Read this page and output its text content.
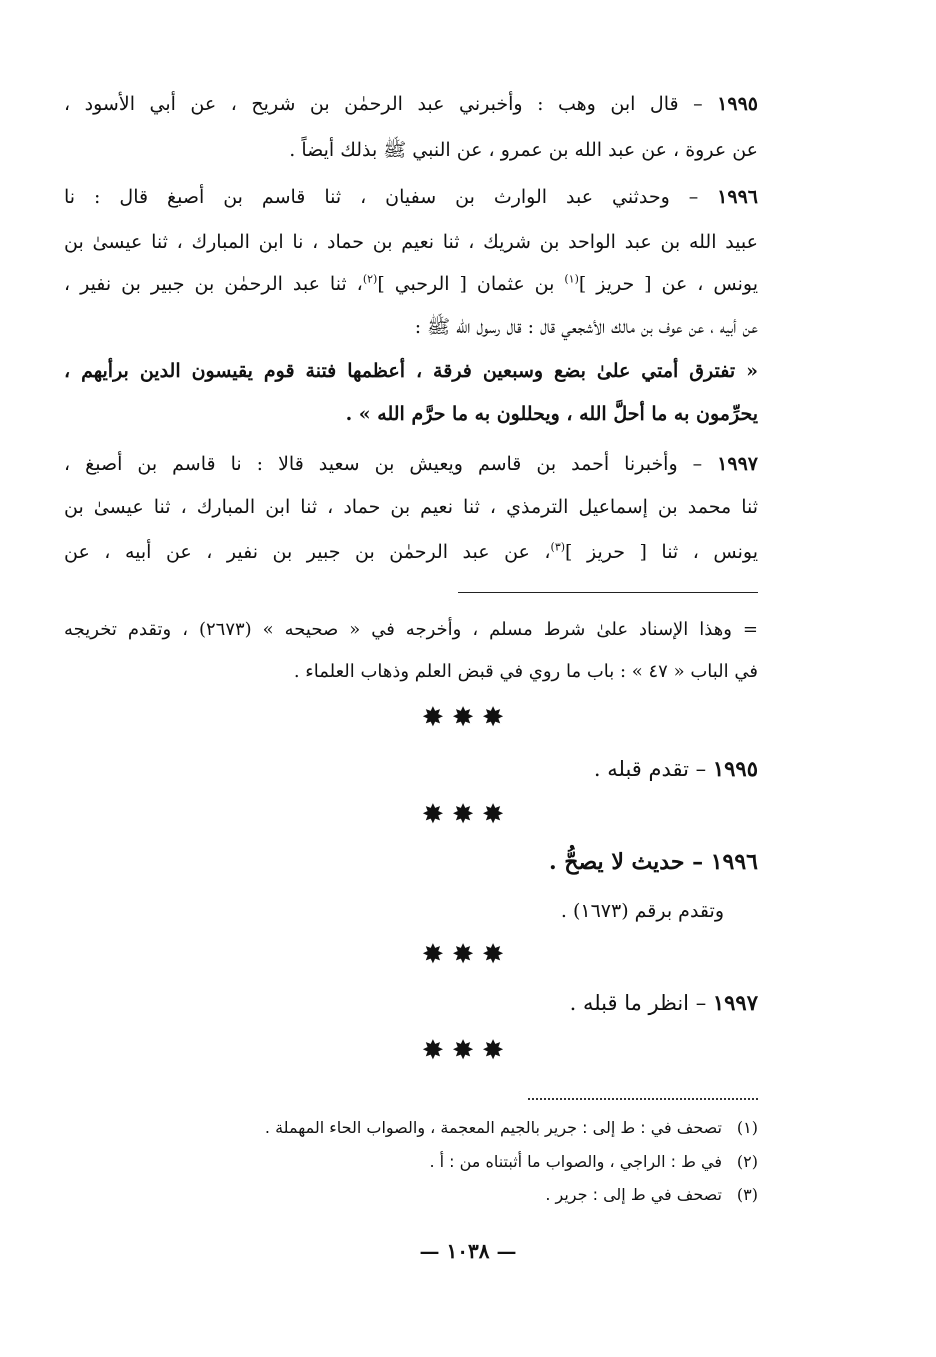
١٩٩٥ – قال ابن وهب : وأخبرني عبد الرحمٰن بن شريح ، عن أبي الأسود ،
عن عروة ، عن عبد الله بن عمرو ، عن النبي ﷺ بذلك أيضاً .
١٩٩٦ – وحدثني عبد الوارث بن سفيان ، ثنا قاسم بن أصبغ قال : نا
عبيد الله بن عبد الواحد بن شريك ، ثنا نعيم بن حماد ، نا ابن المبارك ، ثنا عيسىٰ بن
يونس ، عن [ حريز ]$^{(١)}$ بن عثمان [ الرحبي ]$^{(٢)}$، ثنا عبد الرحمٰن بن جبير بن نفير ،
عن أبيه ، عن عوف بن مالك الأشجعي قال : قال رسول الله ﷺ :
« تفترق أمتي علىٰ بضع وسبعين فرقة ، أعظمها فتنة قوم يقيسون الدين برأيهم ،
يحرِّمون به ما أحلَّ الله ، ويحللون به ما حرَّم الله » .
١٩٩٧ – وأخبرنا أحمد بن قاسم ويعيش بن سعيد قالا : نا قاسم بن أصبغ ،
ثنا محمد بن إسماعيل الترمذي ، ثنا نعيم بن حماد ، ثنا ابن المبارك ، ثنا عيسىٰ بن
يونس ، ثنا [ حريز ]$^{(٣)}$، عن عبد الرحمٰن بن جبير بن نفير ، عن أبيه ، عن
= وهذا الإسناد علىٰ شرط مسلم ، وأخرجه في « صحيحه » (٢٦٧٣) ، وتقدم تخريجه
في الباب « ٤٧ » : باب ما روي في قبض العلم وذهاب العلماء .
✸✸✸
١٩٩٥ – تقدم قبله .
✸✸✸
١٩٩٦ – حديث لا يصحُّ .
وتقدم برقم (١٦٧٣) .
✸✸✸
١٩٩٧ – انظر ما قبله .
✸✸✸
(١)تصحف في : ط إلى : جرير بالجيم المعجمة ، والصواب الحاء المهملة .
(٢)في ط : الراجي ، والصواب ما أثبتناه من : أ .
(٣)تصحف في ط إلى : جرير .
— ١٠٣٨ —
